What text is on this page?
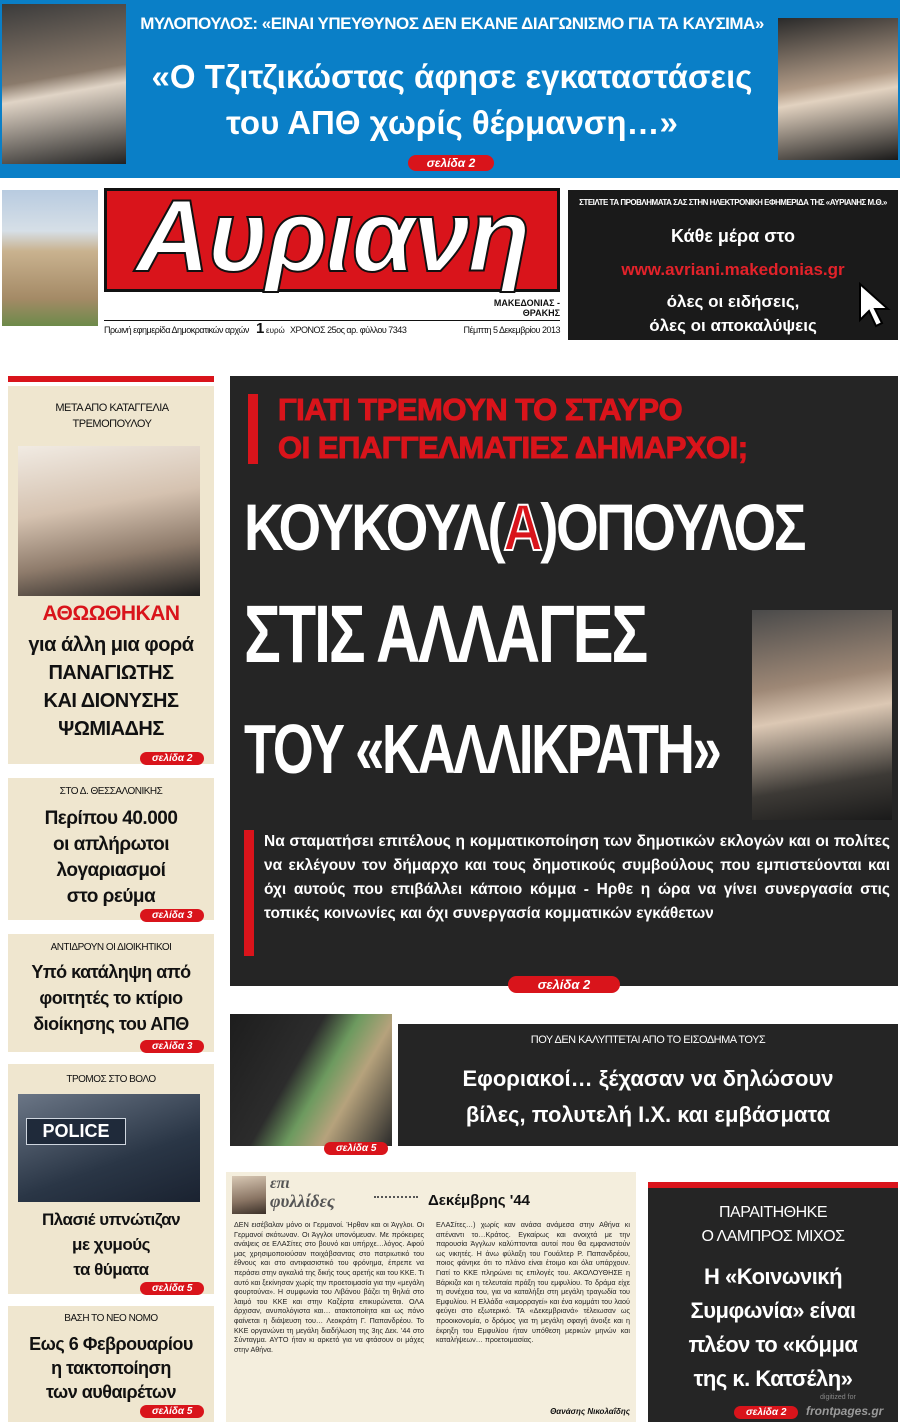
ΜΥΛΟΠΟΥΛΟΣ: «ΕΙΝΑΙ ΥΠΕΥΘΥΝΟΣ ΔΕΝ ΕΚΑΝΕ ΔΙΑΓΩΝΙΣΜΟ ΓΙΑ ΤΑ ΚΑΥΣΙΜΑ»
«Ο Τζιτζικώστας άφησε εγκαταστάσεις
του ΑΠΘ χωρίς θέρμανση…»
σελίδα 2
Αυριανη
ΜΑΚΕΔΟΝΙΑΣ - ΘΡΑΚΗΣ
Πρωινή εφημερίδα Δημοκρατικών αρχών 1 ευρώ ΧΡΟΝΟΣ 25ος αρ. φύλλου 7343	Πέμπτη 5 Δεκεμβρίου 2013
ΣΤΕΙΛΤΕ ΤΑ ΠΡΟΒΛΗΜΑΤΑ ΣΑΣ ΣΤΗΝ ΗΛΕΚΤΡΟΝΙΚΗ ΕΦΗΜΕΡΙΔΑ ΤΗΣ «ΑΥΡΙΑΝΗΣ Μ.Θ.»
Κάθε μέρα στο
www.avriani.makedonias.gr
όλες οι ειδήσεις,
όλες οι αποκαλύψεις
ΜΕΤΑ ΑΠΟ ΚΑΤΑΓΓΕΛΙΑ ΤΡΕΜΟΠΟΥΛΟΥ
ΑΘΩΩΘΗΚΑΝ
για άλλη μια φορά
ΠΑΝΑΓΙΩΤΗΣ
ΚΑΙ ΔΙΟΝΥΣΗΣ
ΨΩΜΙΑΔΗΣ
σελίδα 2
ΣΤΟ Δ. ΘΕΣΣΑΛΟΝΙΚΗΣ
Περίπου 40.000
οι απλήρωτοι
λογαριασμοί
στο ρεύμα
σελίδα 3
ΑΝΤΙΔΡΟΥΝ ΟΙ ΔΙΟΙΚΗΤΙΚΟΙ
Υπό κατάληψη από
φοιτητές το κτίριο
διοίκησης του ΑΠΘ
σελίδα 3
ΤΡΟΜΟΣ ΣΤΟ ΒΟΛΟ
POLICE
Πλασιέ υπνώτιζαν
με χυμούς
τα θύματα
σελίδα 5
ΒΑΣΗ ΤΟ ΝΕΟ ΝΟΜΟ
Εως 6 Φεβρουαρίου
η τακτοποίηση
των αυθαιρέτων
σελίδα 5
ΓΙΑΤΙ ΤΡΕΜΟΥΝ ΤΟ ΣΤΑΥΡΟ
ΟΙ ΕΠΑΓΓΕΛΜΑΤΙΕΣ ΔΗΜΑΡΧΟΙ;
ΚΟΥΚΟΥΛ(Α)ΟΠΟΥΛΟΣ
ΣΤΙΣ ΑΛΛΑΓΕΣ
ΤΟΥ «ΚΑΛΛΙΚΡΑΤΗ»
Να σταματήσει επιτέλους η κομματικοποίηση των δημοτικών εκλογών και οι πολίτες να εκλέγουν τον δήμαρχο και τους δημοτικούς συμβούλους που εμπιστεύονται και όχι αυτούς που επιβάλλει κάποιο κόμμα - Ηρθε η ώρα να γίνει συνεργασία στις τοπικές κοινωνίες και όχι συνεργασία κομματικών εγκάθετων
σελίδα 2
ΠΟΥ ΔΕΝ ΚΑΛΥΠΤΕΤΑΙ ΑΠΟ ΤΟ ΕΙΣΟΔΗΜΑ ΤΟΥΣ
Εφοριακοί… ξέχασαν να δηλώσουν
βίλες, πολυτελή Ι.Χ. και εμβάσματα
σελίδα 5
επι
φυλλίδες	Δεκέμβρης '44
ΔΕΝ εισέβαλαν μόνο οι Γερμανοί. Ήρθαν και οι Άγγλοι. Οι Γερμανοί σκότωναν. Οι Άγγλοι υπονόμευαν. Με πρόκειρες ανάψεις σε ΕΛΑΣίτες στο βουνό και υπήρχε…λόγος. Αφού μας χρησιμοποιούσαν ποιχάβσαντας στο πατριωτικό του έθνους και στο αντιφασιστικό του φρόνημα, έπρεπε να περάσει στην αγκαλιά της δικής τους αρετής και του ΚΚΕ. Τι αυτό και ξεκίνησαν χωρίς την προετοιμασία για την «μεγάλη φουρτούνα». Η συμφωνία του Λιβάνου βάζει τη θηλιά στο λαιμό του ΚΚΕ και στην Καζέρτα επικυρώνεται. ΟΛΑ άρχισαν, ανυπολόγιστα και… ατακτοποίητα και ως πόνο φαίνεται η διάψευση του… Λεοκράτη Γ. Παπανδρέου. Το ΚΚΕ οργανώνει τη μεγάλη διαδήλωση της 3ης Δεκ. '44 στο Σύνταγμα. ΑΥΤΟ ήταν κι αρκετό για να φτάσουν οι μάχες στην Αθήνα.
ΕΛΑΣίτες…) χωρίς καν ανάσα ανάμεσα στην Αθήνα κι απέναντι το…Κράτος. Εγκαίρως και ανοιχτά με την παρουσία Άγγλων καλύπτονται αυτοί που θα εμφανιστούν ως νικητές. Η άνω φύλαξη του Γουάλτερ Ρ. Παπανδρέου, ποιος φάνηκε ότι το πλάνο είναι έτοιμο και όλα υπάρχουν. Γιατί το ΚΚΕ πληρώνει τις επιλογές του. ΑΚΟΛΟΥΘΗΣΕ η Βάρκιζα και η τελευταία πράξη του εμφυλίου. Το δράμα είχε τη συνέχεια του, για να καταλήξει στη μεγάλη τραγωδία του Εμφυλίου. Η Ελλάδα «αιμορραγεί» και ένα κομμάτι του λαού φεύγει στο εξωτερικό. ΤΑ «Δεκεμβριανά» τέλειωσαν ως προοικονομία, ο δρόμος για τη μεγάλη σφαγή άνοιξε και η έκρηξη του Εμφυλίου ήταν υπόθεση μερικών μηνών και καταλήψεων… προετοιμασίας.
Θανάσης Νικολαΐδης
ΠΑΡΑΙΤΗΘΗΚΕ
Ο ΛΑΜΠΡΟΣ ΜΙΧΟΣ
Η «Κοινωνική
Συμφωνία» είναι
πλέον το «κόμμα
της κ. Κατσέλη»
σελίδα 2
digitized for
frontpages.gr
